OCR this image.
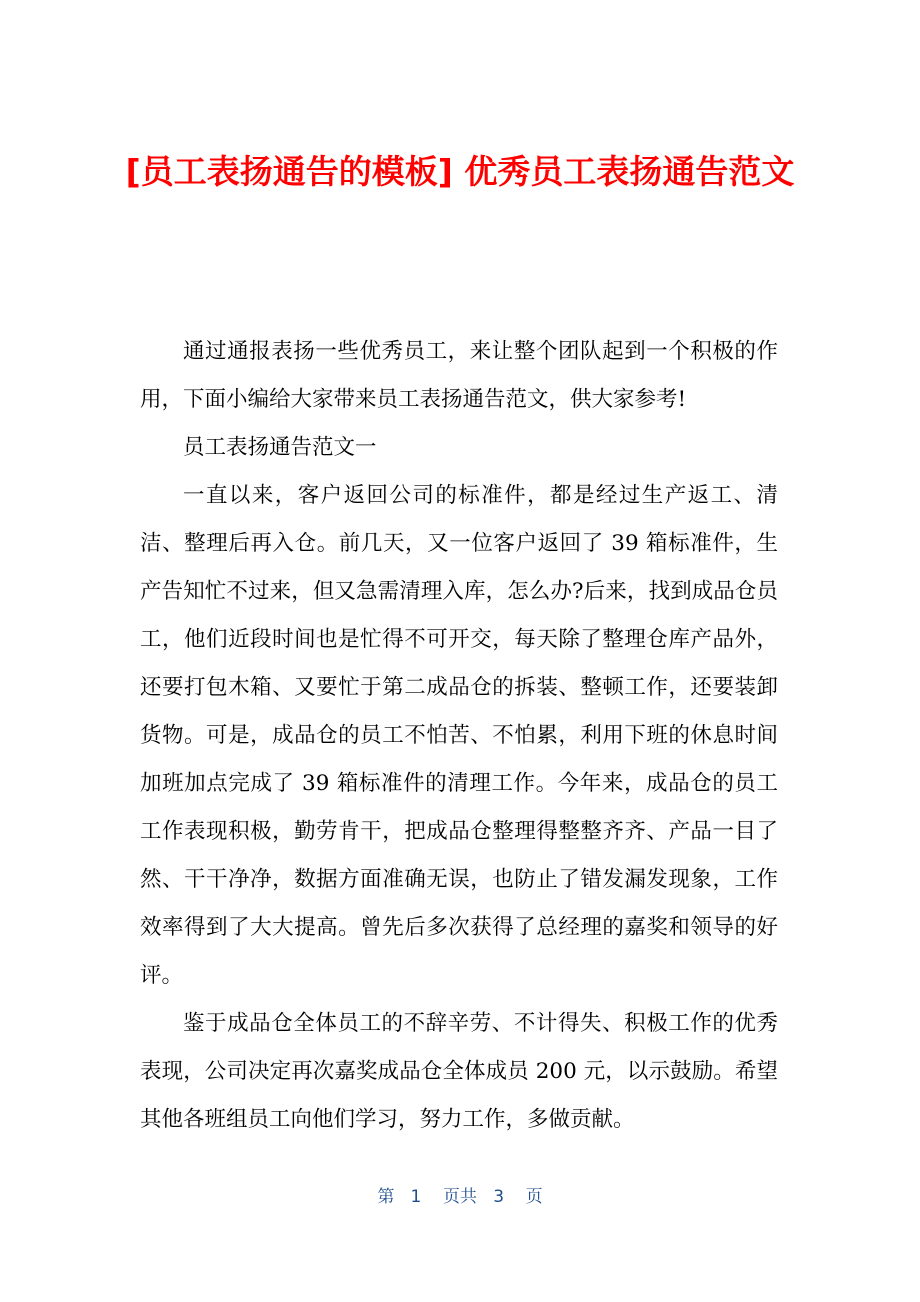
[员工表扬通告的模板] 优秀员工表扬通告范文

通过通报表扬一些优秀员工，来让整个团队起到一个积极的作用，下面小编给大家带来员工表扬通告范文，供大家参考!

员工表扬通告范文一

一直以来，客户返回公司的标准件，都是经过生产返工、清洁、整理后再入仓。前几天，又一位客户返回了 39 箱标准件，生产告知忙不过来，但又急需清理入库，怎么办?后来，找到成品仓员工，他们近段时间也是忙得不可开交，每天除了整理仓库产品外，还要打包木箱、又要忙于第二成品仓的拆装、整顿工作，还要装卸货物。可是，成品仓的员工不怕苦、不怕累，利用下班的休息时间加班加点完成了 39 箱标准件的清理工作。今年来，成品仓的员工工作表现积极，勤劳肯干，把成品仓整理得整整齐齐、产品一目了然、干干净净，数据方面准确无误，也防止了错发漏发现象，工作效率得到了大大提高。曾先后多次获得了总经理的嘉奖和领导的好评。

鉴于成品仓全体员工的不辞辛劳、不计得失、积极工作的优秀表现，公司决定再次嘉奖成品仓全体成员 200 元，以示鼓励。希望其他各班组员工向他们学习，努力工作，多做贡献。

第 1 页共 3 页
